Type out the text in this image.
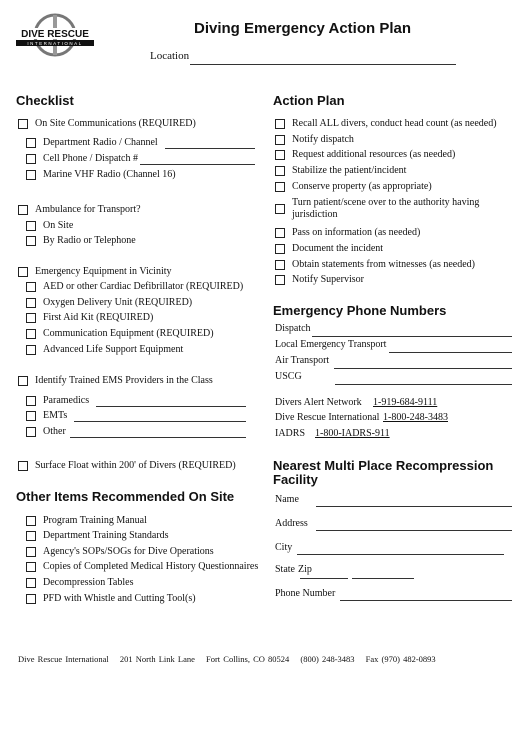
DIVE RESCUE
INTERNATIONAL
Diving Emergency Action Plan
Location
Checklist
On Site Communications (REQUIRED)
Department Radio / Channel
Cell Phone / Dispatch #
Marine VHF Radio (Channel 16)
Ambulance for Transport?
On Site
By Radio or Telephone
Emergency Equipment in Vicinity
AED or other Cardiac Defibrillator (REQUIRED)
Oxygen Delivery Unit (REQUIRED)
First Aid Kit (REQUIRED)
Communication Equipment (REQUIRED)
Advanced Life Support Equipment
Identify Trained EMS Providers in the Class
Paramedics
EMTs
Other
Surface Float within 200' of Divers (REQUIRED)
Other Items Recommended On Site
Program Training Manual
Department Training Standards
Agency's SOPs/SOGs for Dive Operations
Copies of Completed Medical History Questionnaires
Decompression Tables
PFD with Whistle and Cutting Tool(s)
Action Plan
Recall ALL divers, conduct head count (as needed)
Notify dispatch
Request additional resources (as needed)
Stabilize the patient/incident
Conserve property (as appropriate)
Turn patient/scene over to the authority having jurisdiction
Pass on information (as needed)
Document the incident
Obtain statements from witnesses (as needed)
Notify Supervisor
Emergency Phone Numbers
Dispatch
Local Emergency Transport
Air Transport
USCG
Divers Alert Network 1-919-684-9111
Dive Rescue International 1-800-248-3483
IADRS 1-800-IADRS-911
Nearest Multi Place Recompression Facility
Name
Address
City
State Zip
Phone Number
Dive Rescue International 201 North Link Lane Fort Collins, CO 80524 (800) 248-3483 Fax (970) 482-0893
